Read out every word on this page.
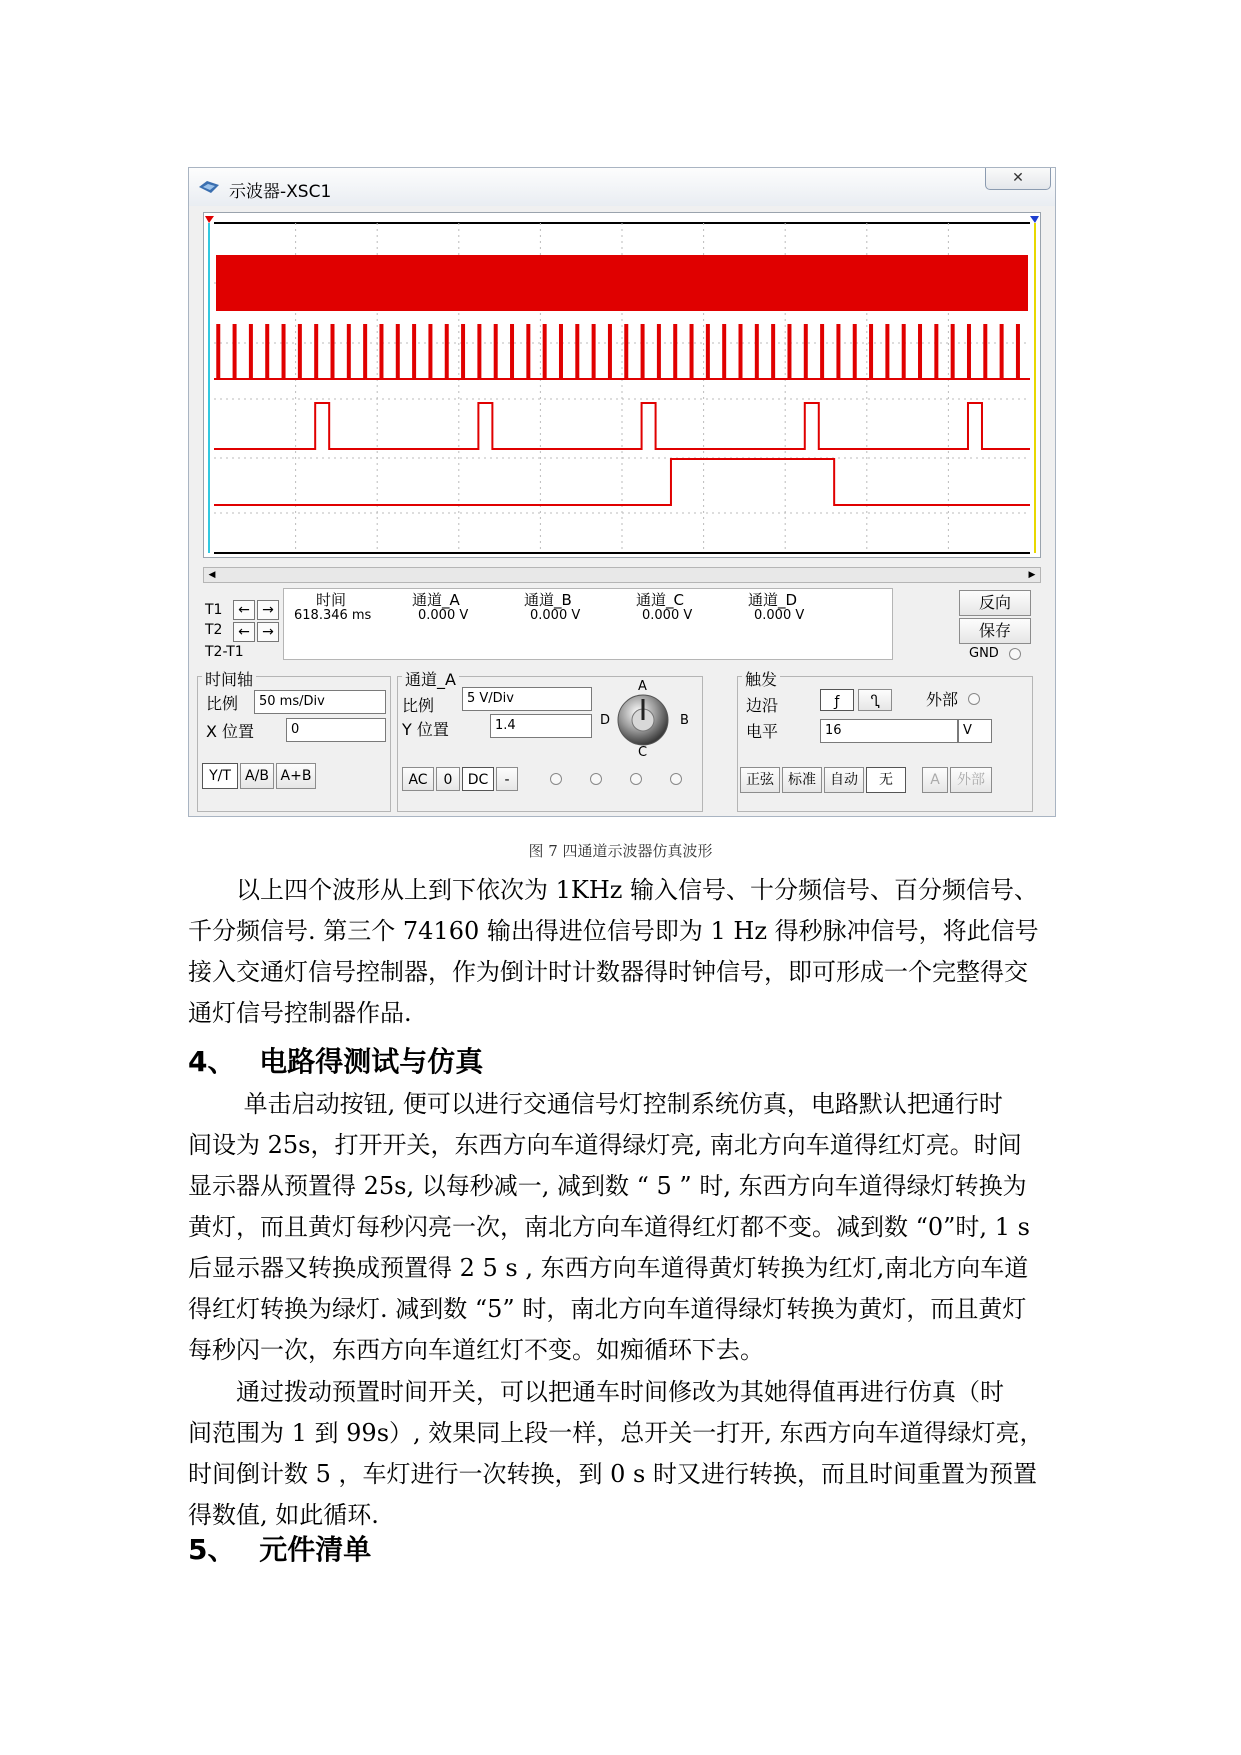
示波器-XSC1
✕
◀	▶
T1	← →
T2	← →
T2-T1
时间	通道_A	通道_B	通道_C	通道_D
618.346 ms	0.000 V	0.000 V	0.000 V	0.000 V
反向
保存
GND
时间轴
比例	50 ms/Div
X 位置	0
Y/T	A/B A+B
通道_A
比例	5 V/Div
Y 位置	1.4
A
B
C
D
AC	0	DC	-
触发
边沿	ƒ	Ⴂ	外部
电平	16	V
正弦	标准	自动	无	A	外部
图 7 四通道示波器仿真波形
　　以上四个波形从上到下依次为 1KHz 输入信号、十分频信号、百分频信号、
千分频信号. 第三个 74160 输出得进位信号即为 1 Hz 得秒脉冲信号，将此信号
接入交通灯信号控制器，作为倒计时计数器得时钟信号，即可形成一个完整得交
通灯信号控制器作品.
4、　 电路得测试与仿真
　　 单击启动按钮, 便可以进行交通信号灯控制系统仿真，电路默认把通行时
间设为 25s，打开开关，东西方向车道得绿灯亮, 南北方向车道得红灯亮。时间
显示器从预置得 25s, 以每秒减一, 减到数 “ 5 ” 时, 东西方向车道得绿灯转换为
黄灯，而且黄灯每秒闪亮一次，南北方向车道得红灯都不变。减到数 “0”时, 1 s
后显示器又转换成预置得 2 5 s , 东西方向车道得黄灯转换为红灯,南北方向车道
得红灯转换为绿灯. 减到数 “5” 时，南北方向车道得绿灯转换为黄灯，而且黄灯
每秒闪一次，东西方向车道红灯不变。如痴循环下去。
　　通过拨动预置时间开关，可以把通车时间修改为其她得值再进行仿真（时
间范围为 1 到 99s）, 效果同上段一样，总开关一打开, 东西方向车道得绿灯亮，
时间倒计数 5 ，车灯进行一次转换，到 0 s 时又进行转换，而且时间重置为预置
得数值, 如此循环.
5、　 元件清单
